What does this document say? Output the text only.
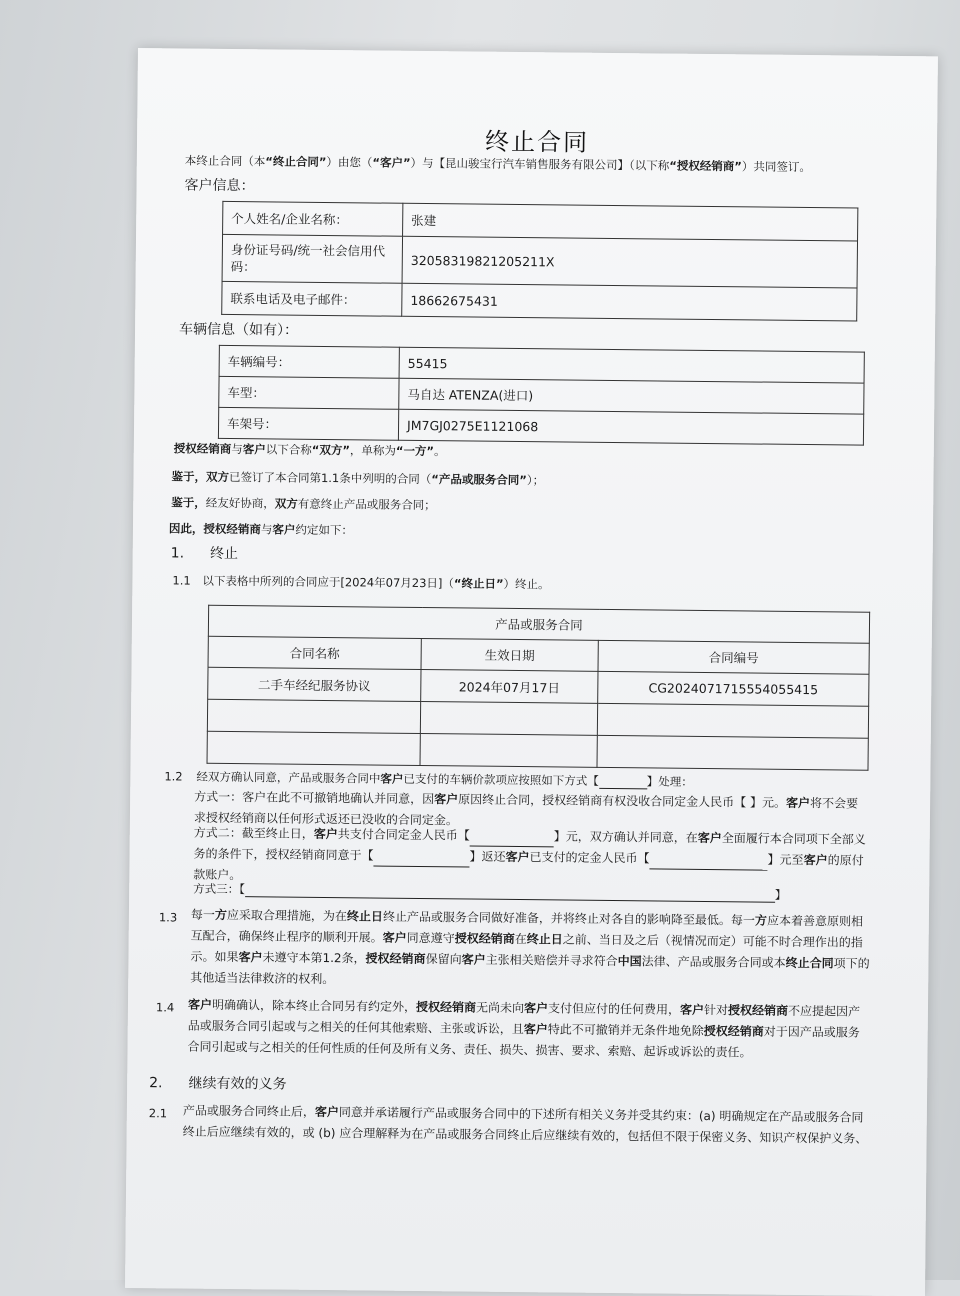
终止合同
本终止合同（本“终止合同”）由您（“客户”）与【昆山骏宝行汽车销售服务有限公司】（以下称“授权经销商”）共同签订。
客户信息：
个人姓名/企业名称：	张建
身份证号码/统一社会信用代码：	32058319821205211X
联系电话及电子邮件：	18662675431
车辆信息（如有）：
车辆编号：	55415
车型：	马自达 ATENZA(进口)
车架号：	JM7GJ0275E1121068
授权经销商与客户以下合称“双方”，单称为“一方”。
鉴于，双方已签订了本合同第1.1条中列明的合同（“产品或服务合同”）；
鉴于，经友好协商，双方有意终止产品或服务合同；
因此，授权经销商与客户约定如下：
1. 终止
1.1 以下表格中所列的合同应于[2024年07月23日]（“终止日”）终止。
产品或服务合同		
合同名称	生效日期	合同编号
二手车经纪服务协议	2024年07月17日	CG2024071715554055415

1.2 经双方确认同意，产品或服务合同中客户已支付的车辆价款项应按照如下方式【	】处理：
方式一：客户在此不可撤销地确认并同意，因客户原因终止合同，授权经销商有权没收合同定金人民币【 】元。客户将不会要求授权经销商以任何形式返还已没收的合同定金。
方式二：截至终止日，客户共支付合同定金人民币【	】元，双方确认并同意，在客户全面履行本合同项下全部义务的条件下，授权经销商同意于【	】返还客户已支付的定金人民币【	】元至客户的原付款账户。
方式三：【	】
1.3 每一方应采取合理措施，为在终止日终止产品或服务合同做好准备，并将终止对各自的影响降至最低。每一方应本着善意原则相互配合，确保终止程序的顺利开展。客户同意遵守授权经销商在终止日之前、当日及之后（视情况而定）可能不时合理作出的指示。如果客户未遵守本第1.2条，授权经销商保留向客户主张相关赔偿并寻求符合中国法律、产品或服务合同或本终止合同项下的其他适当法律救济的权利。
1.4 客户明确确认，除本终止合同另有约定外，授权经销商无尚未向客户支付但应付的任何费用，客户针对授权经销商不应提起因产品或服务合同引起或与之相关的任何其他索赔、主张或诉讼，且客户特此不可撤销并无条件地免除授权经销商对于因产品或服务合同引起或与之相关的任何性质的任何及所有义务、责任、损失、损害、要求、索赔、起诉或诉讼的责任。
2. 继续有效的义务
2.1 产品或服务合同终止后，客户同意并承诺履行产品或服务合同中的下述所有相关义务并受其约束：(a) 明确规定在产品或服务合同终止后应继续有效的，或 (b) 应合理解释为在产品或服务合同终止后应继续有效的，包括但不限于保密义务、知识产权保护义务、
